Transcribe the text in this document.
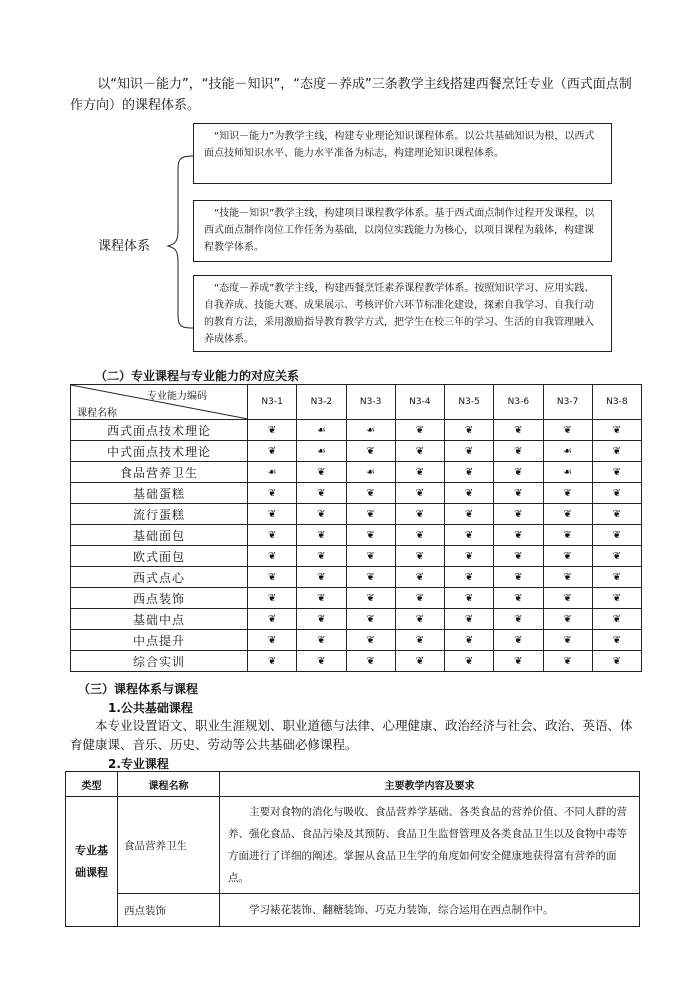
以“知识－能力”，“技能－知识”，“态度－养成”三条教学主线搭建西餐烹饪专业（西式面点制作方向）的课程体系。
课程体系

“知识－能力”为教学主线，构建专业理论知识课程体系。以公共基础知识为根，以西式面点技师知识水平、能力水平准备为标志，构建理论知识课程体系。

“技能－知识”教学主线，构建项目课程教学体系。基于西式面点制作过程开发课程，以西式面点制作岗位工作任务为基础，以岗位实践能力为核心，以项目课程为载体，构建课程教学体系。

“态度－养成”教学主线，构建西餐烹饪素养课程教学体系。按照知识学习、应用实践、自我养成、技能大赛、成果展示、考核评价六环节标准化建设，探索自我学习、自我行动的教育方法，采用激励指导教育教学方式，把学生在校三年的学习、生活的自我管理融入养成体系。

（二）专业课程与专业能力的对应关系
专业能力编码
课程名称	N3-1	N3-2	N3-3	N3-4	N3-5	N3-6	N3-7	N3-8
西式面点技术理论	❦	☙	☙	❦	❦	❦	❦	❦
中式面点技术理论	❦	☙	❦	❦	❦	❦	☙	❦
食品营养卫生	☙	❦	☙	❦	❦	❦	☙	❦
基础蛋糕	❦	❦	❦	❦	❦	❦	❦	❦
流行蛋糕	❦	❦	❦	❦	❦	❦	❦	❦
基础面包	❦	❦	❦	❦	❦	❦	❦	❦
欧式面包	❦	❦	❦	❦	❦	❦	❦	❦
西式点心	❦	❦	❦	❦	❦	❦	❦	❦
西点装饰	❦	❦	❦	❦	❦	❦	❦	❦
基础中点	❦	❦	❦	❦	❦	❦	❦	❦
中点提升	❦	❦	❦	❦	❦	❦	❦	❦
综合实训	❦	❦	❦	❦	❦	❦	❦	❦
（三）课程体系与课程
1.公共基础课程
本专业设置语文、职业生涯规划、职业道德与法律、心理健康、政治经济与社会、政治、英语、体育健康课、音乐、历史、劳动等公共基础必修课程。
2.专业课程
类型	课程名称	主要教学内容及要求
专业基础课程	食品营养卫生	主要对食物的消化与吸收、食品营养学基础、各类食品的营养价值、不同人群的营养、强化食品、食品污染及其预防、食品卫生监督管理及各类食品卫生以及食物中毒等方面进行了详细的阐述。掌握从食品卫生学的角度如何安全健康地获得富有营养的面点。
	西点装饰	学习裱花装饰、翻糖装饰、巧克力装饰，综合运用在西点制作中。
